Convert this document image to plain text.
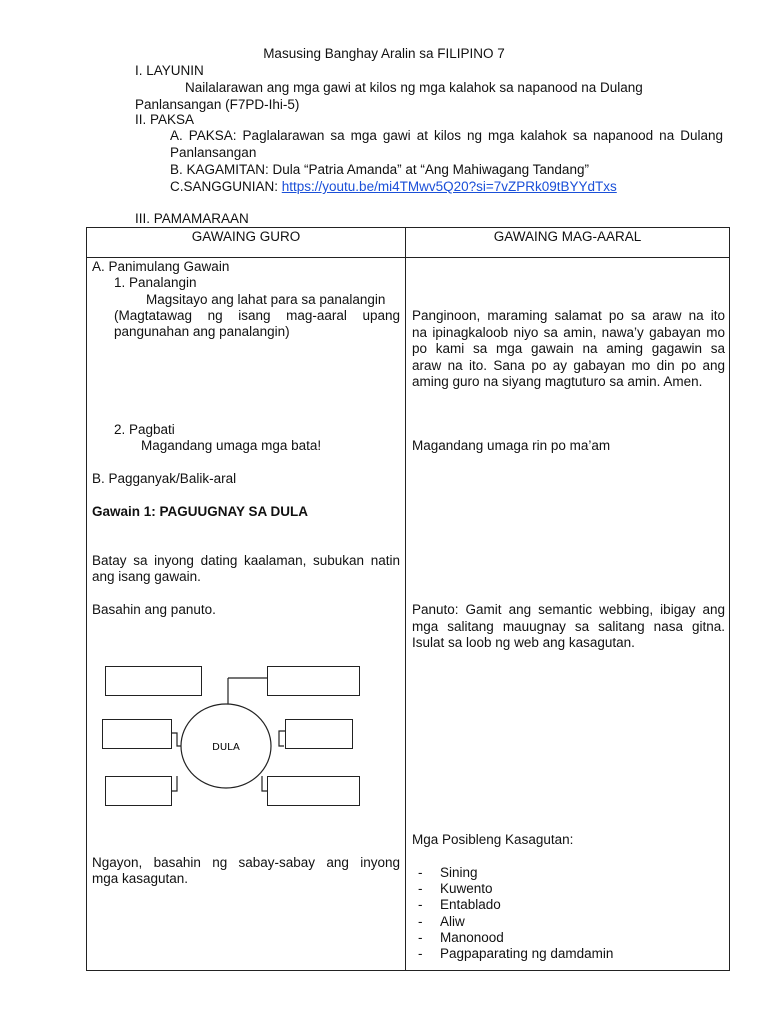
Masusing Banghay Aralin sa FILIPINO 7
I. LAYUNIN
Nailalarawan ang mga gawi at kilos ng mga kalahok sa napanood na Dulang
Panlansangan (F7PD-Ihi-5)
II. PAKSA
A. PAKSA: Paglalarawan sa mga gawi at kilos ng mga kalahok sa napanood na Dulang
Panlansangan
B. KAGAMITAN: Dula “Patria Amanda” at “Ang Mahiwagang Tandang”
C.SANGGUNIAN: https://youtu.be/mi4TMwv5Q20?si=7vZPRk09tBYYdTxs
III. PAMAMARAAN
GAWAING GURO	GAWAING MAG-AARAL
A. Panimulang Gawain
1. Panalangin
Magsitayo ang lahat para sa panalangin
(Magtatawag ng isang mag-aaral upang
pangunahan ang panalangin)
2. Pagbati
Magandang umaga mga bata!
B. Pagganyak/Balik-aral
Gawain 1: PAGUUGNAY SA DULA
Batay sa inyong dating kaalaman, subukan natin
ang isang gawain.
Basahin ang panuto.
DULA
Ngayon, basahin ng sabay-sabay ang inyong
mga kasagutan.
Panginoon, maraming salamat po sa araw na ito
na ipinagkaloob niyo sa amin, nawa’y gabayan mo
po kami sa mga gawain na aming gagawin sa
araw na ito. Sana po ay gabayan mo din po ang
aming guro na siyang magtuturo sa amin. Amen.
Magandang umaga rin po ma’am
Panuto: Gamit ang semantic webbing, ibigay ang
mga salitang mauugnay sa salitang nasa gitna.
Isulat sa loob ng web ang kasagutan.
Mga Posibleng Kasagutan:
- Sining
- Kuwento
- Entablado
- Aliw
- Manonood
- Pagpaparating ng damdamin
